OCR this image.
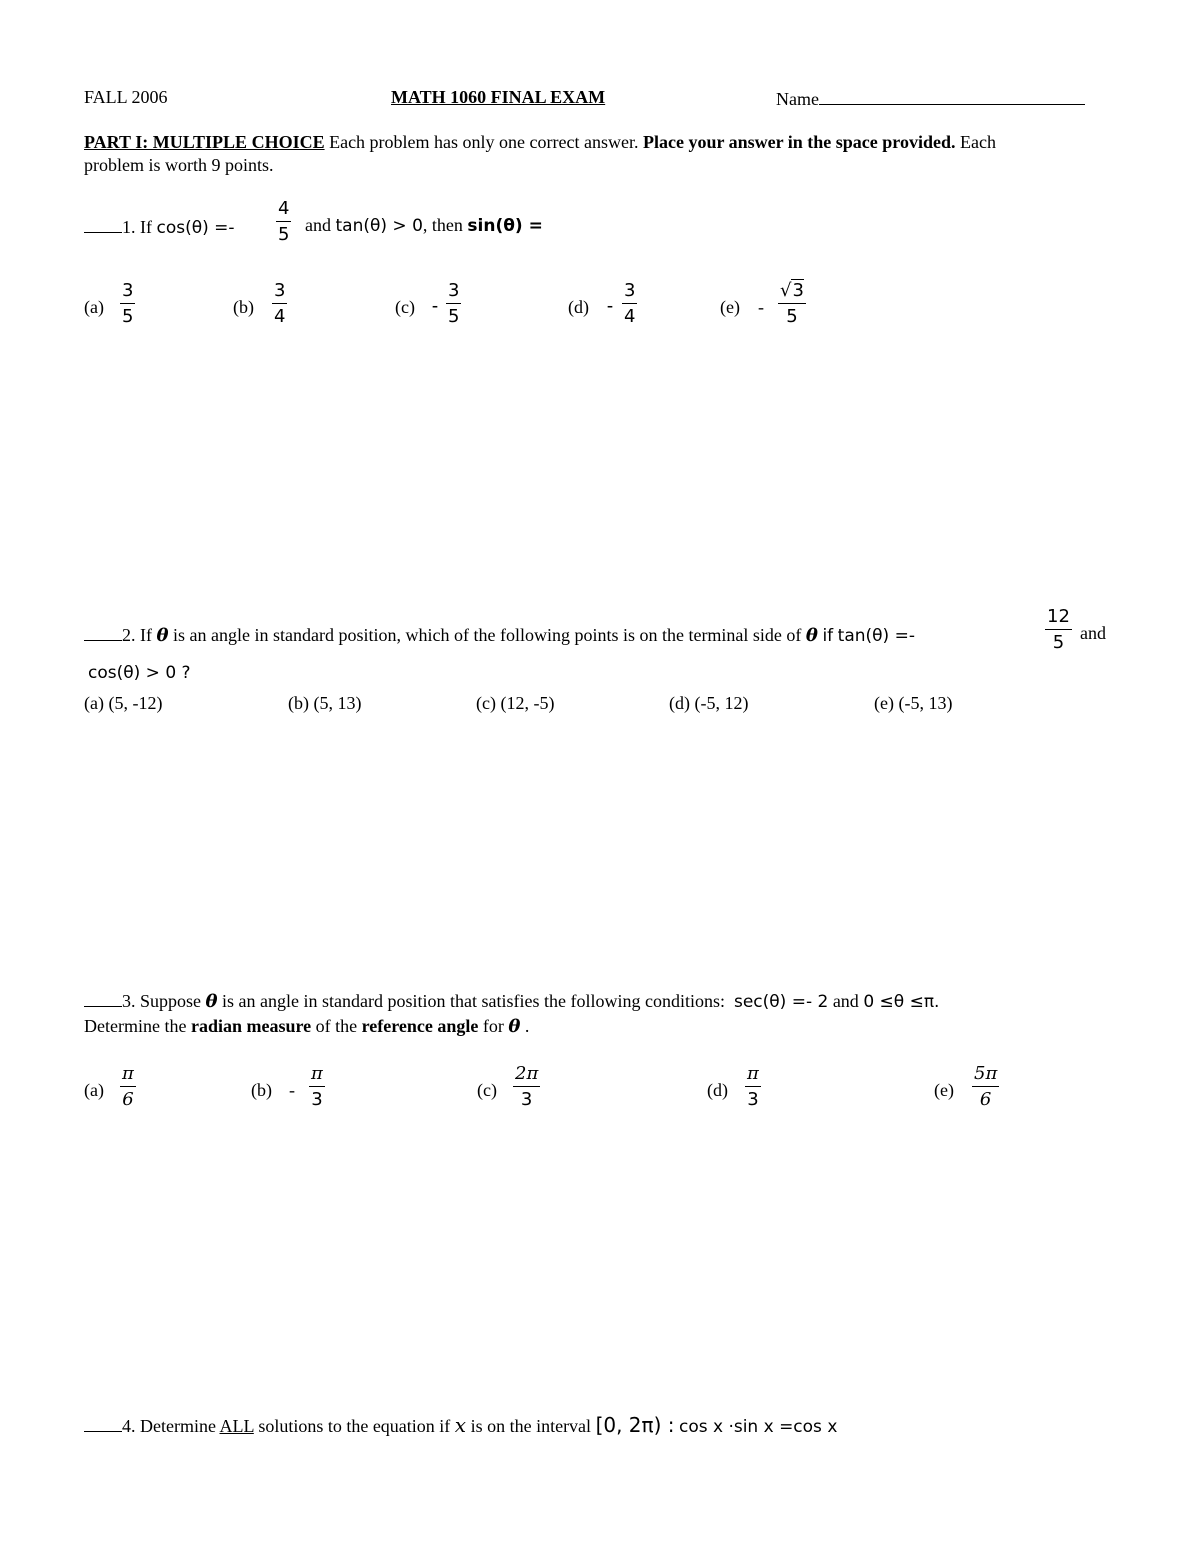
FALL 2006	MATH 1060 FINAL EXAM	Name
PART I: MULTIPLE CHOICE Each problem has only one correct answer. Place your answer in the space provided. Each
problem is worth 9 points.
1. If $\cos(\theta) =- \frac{4}{5}$ and tan(θ) > 0, then sin(θ) =
$(a) \frac{3}{5}$	$(b) \frac{3}{4}$	$(c) - \frac{3}{5}$	$(d) - \frac{3}{4}$	$(e) - \frac{√3}{5}$
2. If θ is an angle in standard position, which of the following points is on the terminal side of θ if tan(θ) =-	$\frac{12}{5}$ and
cos(θ) > 0 ?
(a) (5, -12)	(b) (5, 13)	(c) (12, -5)	(d) (-5, 12)	(e) (-5, 13)
3. Suppose θ is an angle in standard position that satisfies the following conditions: sec(θ) =- 2 and 0 ≤θ ≤π.
Determine the radian measure of the reference angle for θ .
$(a) \frac{\pi}{6}$	$(b) - \frac{\pi}{3}$	$(c) \frac{2\pi}{3}$	$(d) \frac{\pi}{3}$	$(e) \frac{5\pi}{6}$
4. Determine ALL solutions to the equation if x is on the interval [0, 2π) : cos x ·sin x =cos x
